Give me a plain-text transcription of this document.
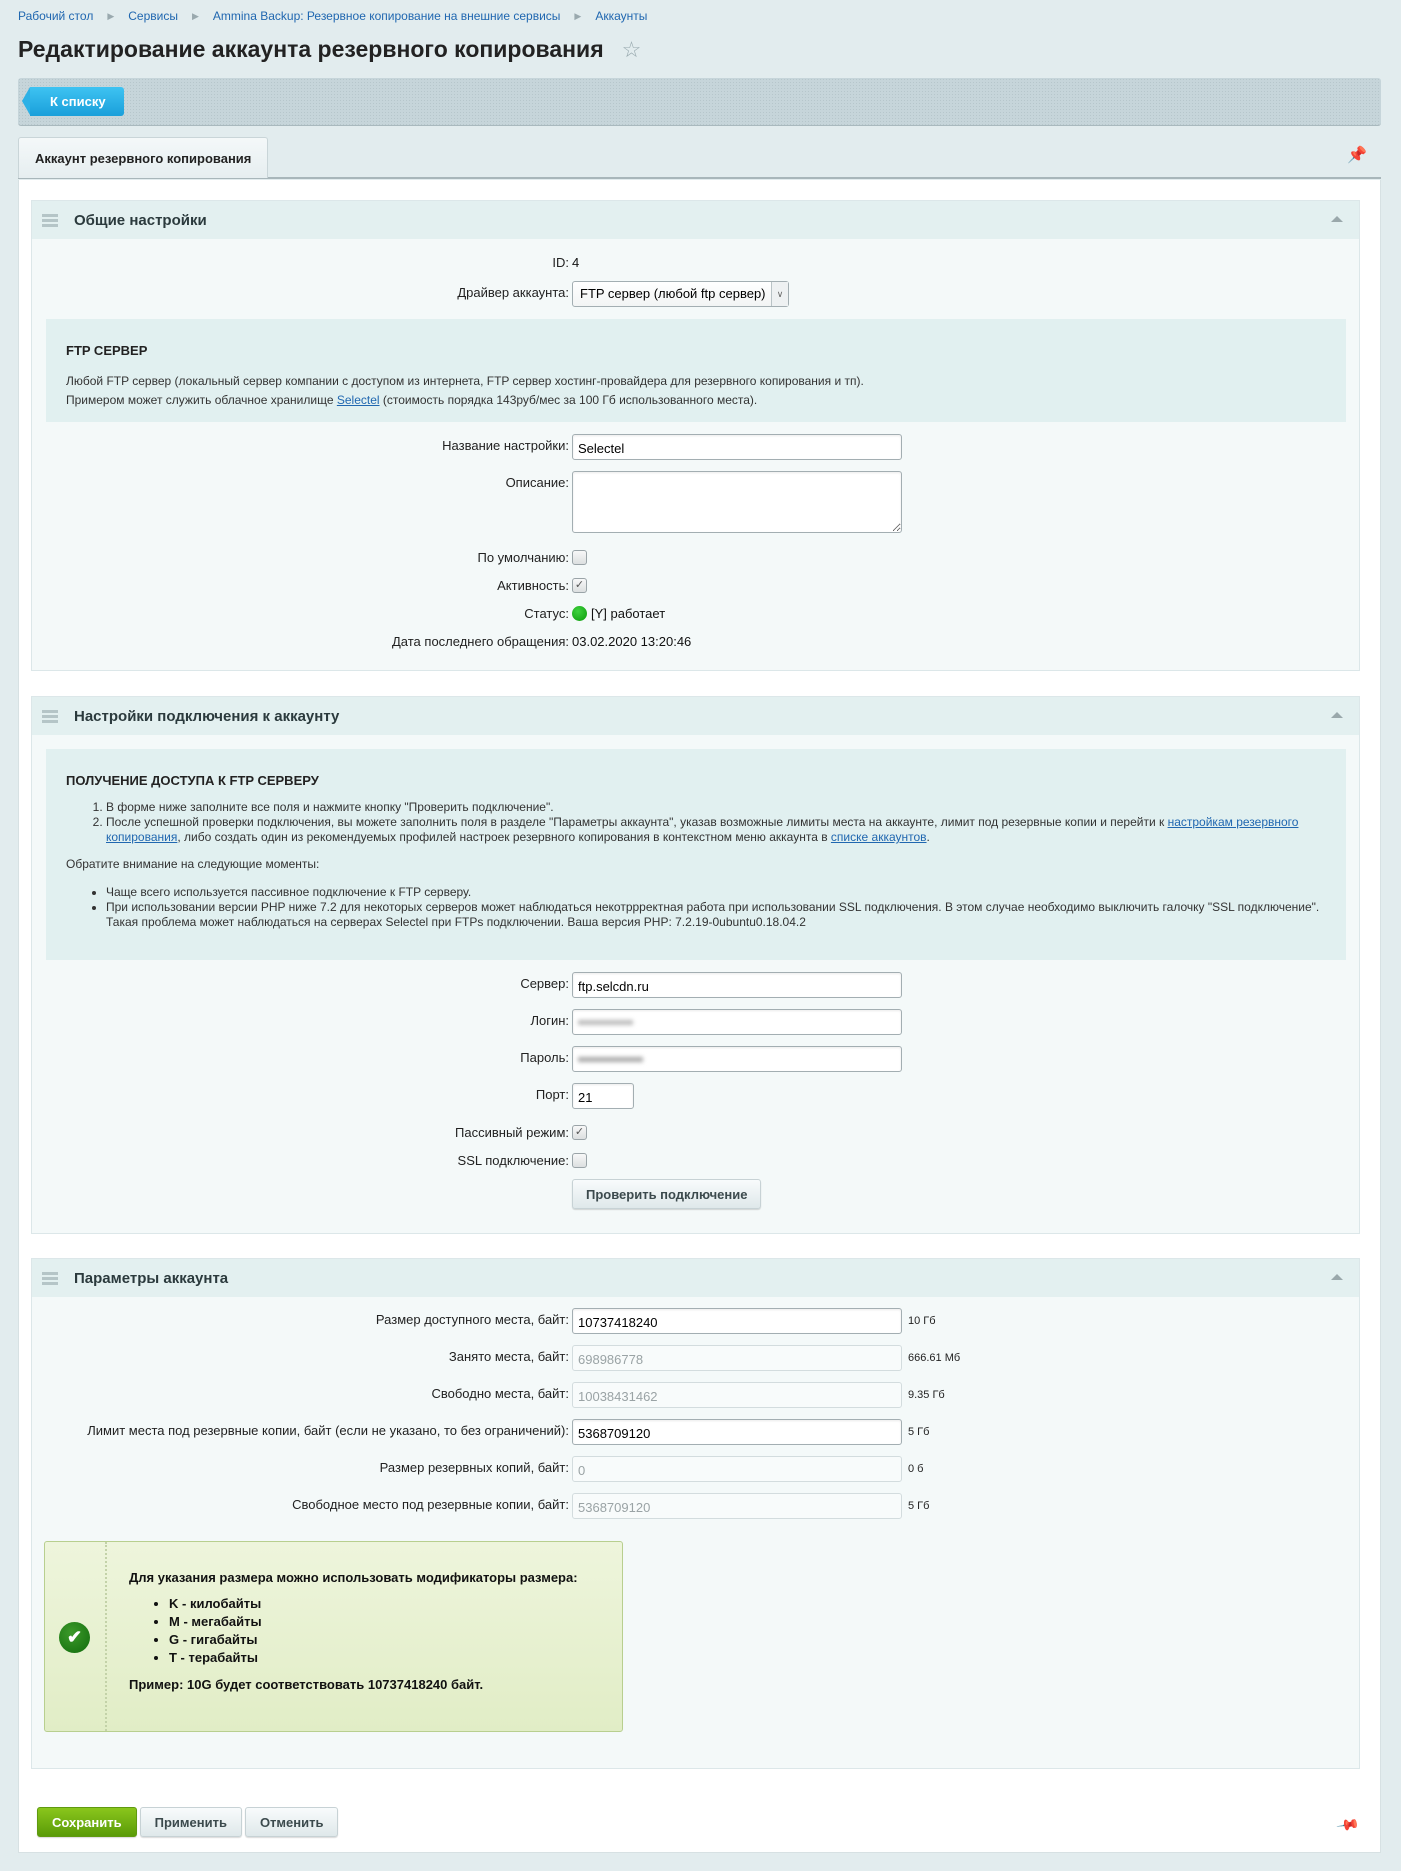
Рабочий стол ▶ Сервисы ▶ Ammina Backup: Резервное копирование на внешние сервисы ▶ Аккаунты
Редактирование аккаунта резервного копирования ☆
К списку
Аккаунт резервного копирования	📌
Общие настройки
ID: 4
Драйвер аккаунта: FTP сервер (любой ftp сервер)	∨
FTP СЕРВЕР
Любой FTP сервер (локальный сервер компании с доступом из интернета, FTP сервер хостинг-провайдера для резервного копирования и тп).
Примером может служить облачное хранилище Selectel (стоимость порядка 143руб/мес за 100 Гб использованного места).
Название настройки:
Selectel
Описание:
По умолчанию:
Активность: ✓
Статус:	[Y] работает
Дата последнего обращения: 03.02.2020 13:20:46
Настройки подключения к аккаунту
ПОЛУЧЕНИЕ ДОСТУПА К FTP СЕРВЕРУ
1. В форме ниже заполните все поля и нажмите кнопку "Проверить подключение".
2. После успешной проверки подключения, вы можете заполнить поля в разделе "Параметры аккаунта", указав возможные лимиты места на аккаунте, лимит под резервные копии и перейти к настройкам резервного копирования, либо создать один из рекомендуемых профилей настроек резервного копирования в контекстном меню аккаунта в списке аккаунтов.
Обратите внимание на следующие моменты:
• Чаще всего используется пассивное подключение к FTP серверу.
• При использовании версии PHP ниже 7.2 для некоторых серверов может наблюдаться некотррректная работа при использовании SSL подключения. В этом случае необходимо выключить галочку "SSL подключение". Такая проблема может наблюдаться на серверах Selectel при FTPs подключении. Ваша версия PHP: 7.2.19-0ubuntu0.18.04.2
Сервер:
ftp.selcdn.ru
Логин:
Пароль:
Порт:
21
Пассивный режим: ✓
SSL подключение:
Проверить подключение
Параметры аккаунта
Размер доступного места, байт:
10737418240	10 Гб
Занято места, байт:
698986778	666.61 Мб
Свободно места, байт:
10038431462	9.35 Гб
Лимит места под резервные копии, байт (если не указано, то без ограничений):
5368709120	5 Гб
Размер резервных копий, байт:
0	0 б
Свободное место под резервные копии, байт:
5368709120	5 Гб
✔
Для указания размера можно использовать модификаторы размера:
• K - килобайты
• M - мегабайты
• G - гигабайты
• T - терабайты
Пример: 10G будет соответствовать 10737418240 байт.
Сохранить	Применить	Отменить	📌
